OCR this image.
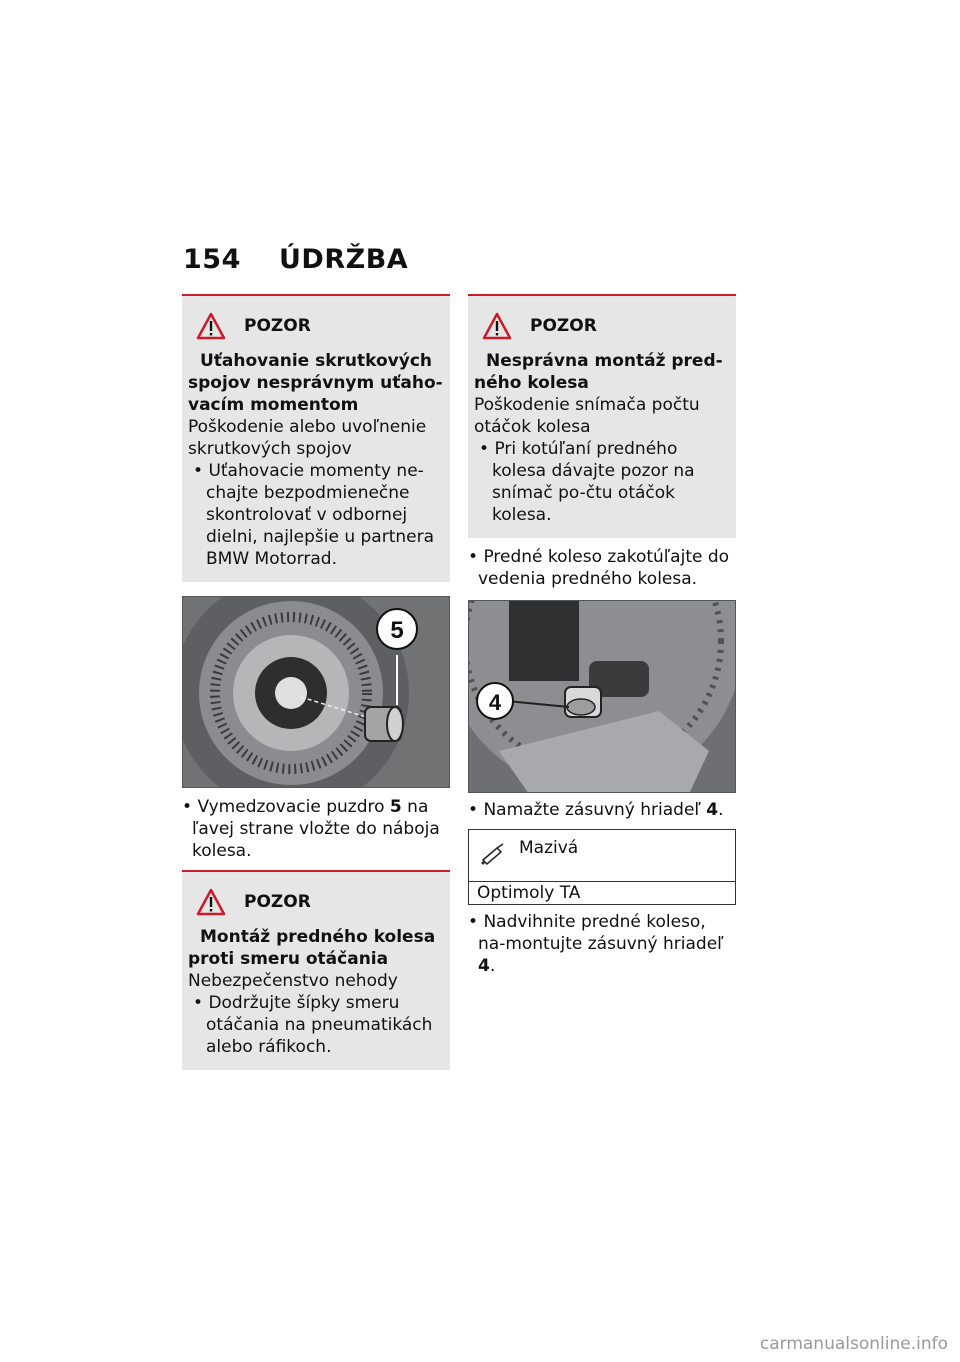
154 ÚDRŽBA
POZOR
Uťahovanie skrutkových spojov nesprávnym uťaho-vacím momentom
Poškodenie alebo uvoľnenie skrutkových spojov
• Uťahovacie momenty ne-chajte bezpodmienečne skontrolovať v odbornej dielni, najlepšie u partnera BMW Motorrad.
5
• Vymedzovacie puzdro 5 na ľavej strane vložte do náboja kolesa.
POZOR
Montáž predného kolesa proti smeru otáčania
Nebezpečenstvo nehody
• Dodržujte šípky smeru otáčania na pneumatikách alebo ráfikoch.
POZOR
Nesprávna montáž pred-ného kolesa
Poškodenie snímača počtu otáčok kolesa
• Pri kotúľaní predného kolesa dávajte pozor na snímač po-čtu otáčok kolesa.
• Predné koleso zakotúľajte do vedenia predného kolesa.
4
• Namažte zásuvný hriadeľ 4.
Mazivá
Optimoly TA
• Nadvihnite predné koleso, na-montujte zásuvný hriadeľ 4.
carmanualsonline.info
